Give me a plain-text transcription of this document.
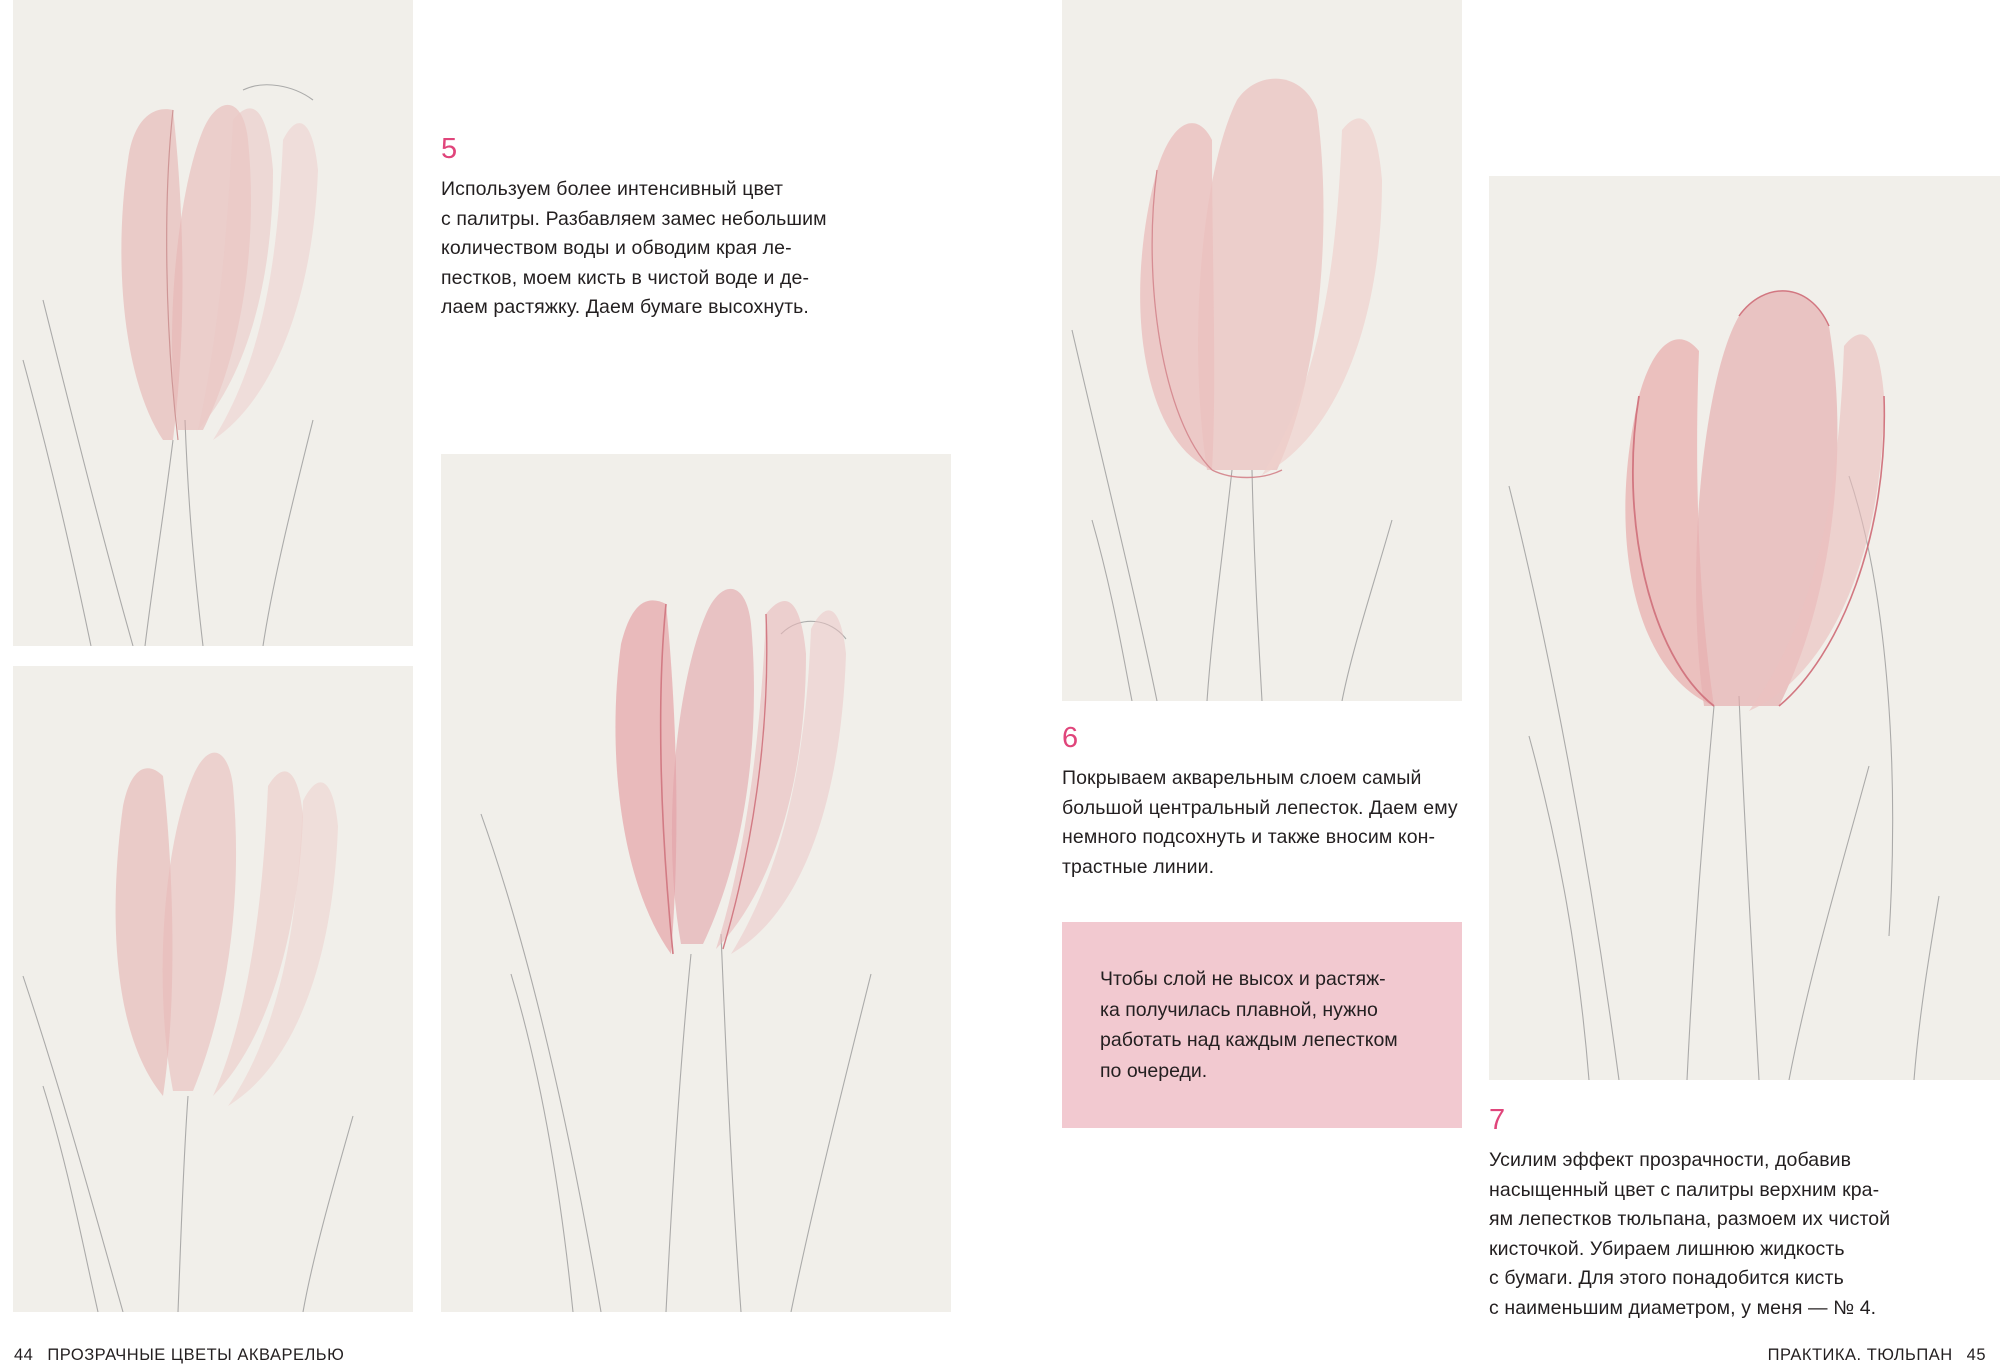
5

Используем более интенсивный цвет
с палитры. Разбавляем замес небольшим
количеством воды и обводим края ле-
пестков, моем кисть в чистой воде и де-
лаем растяжку. Даем бумаге высохнуть.

6

Покрываем акварельным слоем самый
большой центральный лепесток. Даем ему
немного подсохнуть и также вносим кон-
трастные линии.

Чтобы слой не высох и растяж-
ка получилась плавной, нужно
работать над каждым лепестком
по очереди.

7

Усилим эффект прозрачности, добавив
насыщенный цвет с палитры верхним кра-
ям лепестков тюльпана, размоем их чистой
кисточкой. Убираем лишнюю жидкость
с бумаги. Для этого понадобится кисть
с наименьшим диаметром, у меня — № 4.

44 ПРОЗРАЧНЫЕ ЦВЕТЫ АКВАРЕЛЬЮ	ПРАКТИКА. ТЮЛЬПАН 45
